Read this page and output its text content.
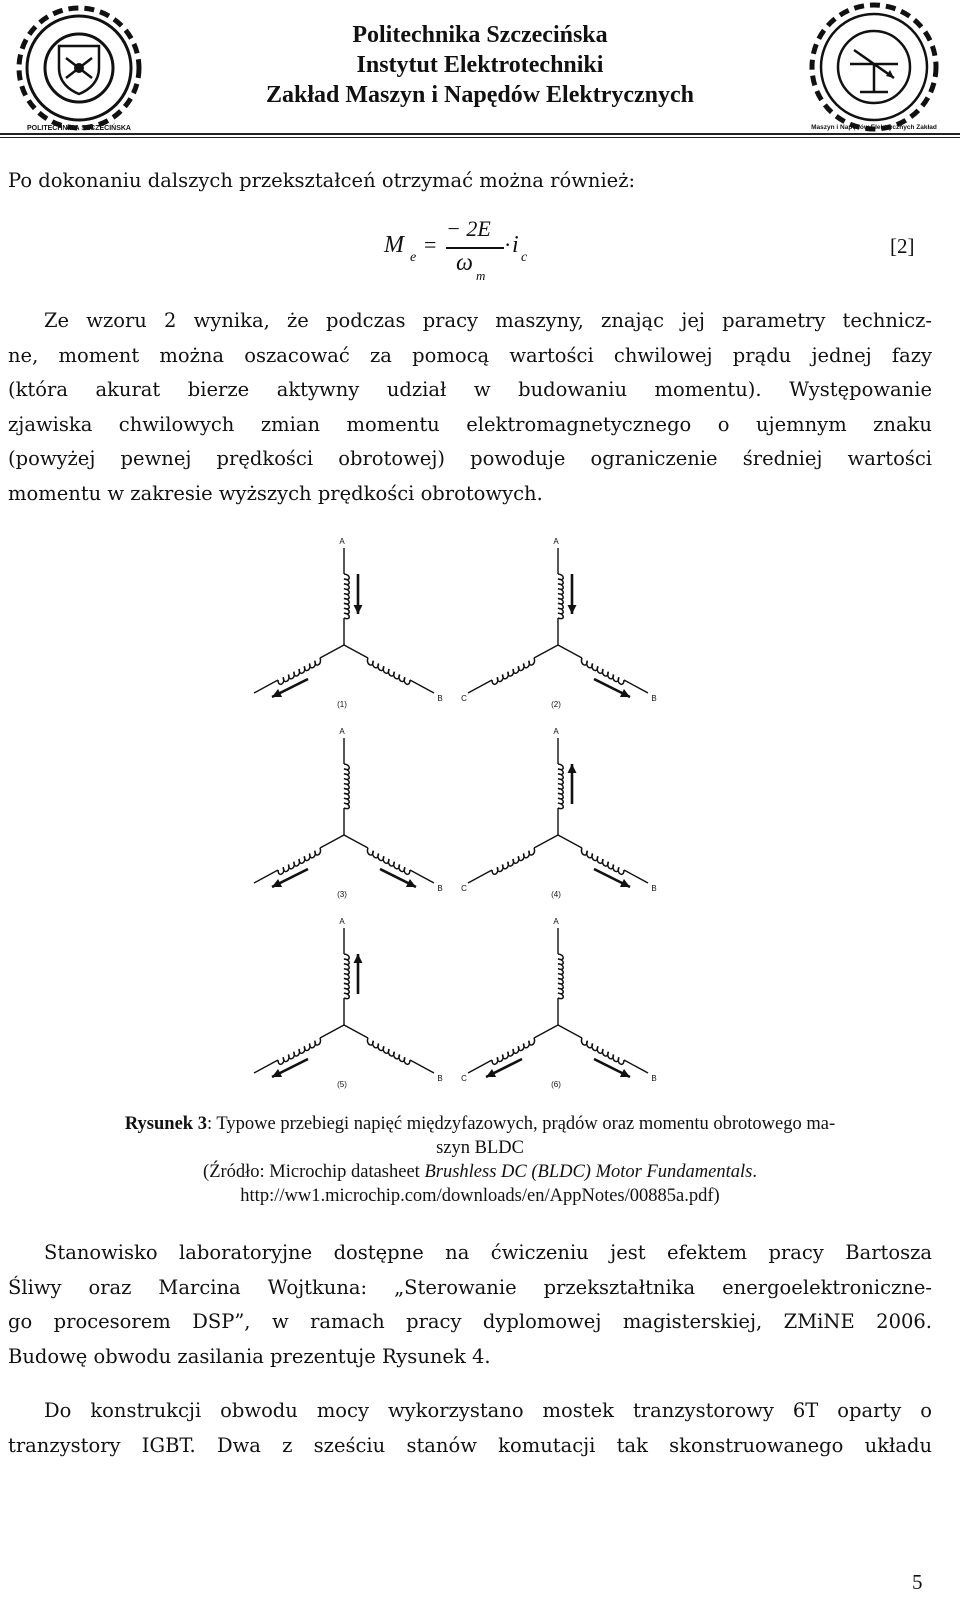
POLITECHNIKA SZCZECIŃSKA
Politechnika Szczecińska
Instytut Elektrotechniki
Zakład Maszyn i Napędów Elektrycznych
Maszyn i Napędów Elektrycznych Zakład
Po dokonaniu dalszych przekształceń otrzymać można również:
M e
=
− 2E
ω m
· i c	[2]

Ze wzoru 2 wynika, że podczas pracy maszyny, znając jej parametry technicz-

ne, moment można oszacować za pomocą wartości chwilowej prądu jednej fazy

(która akurat bierze aktywny udział w budowaniu momentu). Występowanie

zjawiska chwilowych zmian momentu elektromagnetycznego o ujemnym znaku

(powyżej pewnej prędkości obrotowej) powoduje ograniczenie średniej wartości

momentu w zakresie wyższych prędkości obrotowych.

A
B
(1)
A
C	B
(2)
A
B
(3)
A
C	B
(4)
A
B
(5)
A
C	B
(6)
Rysunek 3: Typowe przebiegi napięć międzyfazowych, prądów oraz momentu obrotowego ma-
szyn BLDC
(Źródło: Microchip datasheet Brushless DC (BLDC) Motor Fundamentals.
http://ww1.microchip.com/downloads/en/AppNotes/00885a.pdf)

Stanowisko laboratoryjne dostępne na ćwiczeniu jest efektem pracy Bartosza

Śliwy oraz Marcina Wojtkuna: „Sterowanie przekształtnika energoelektroniczne-

go procesorem DSP”, w ramach pracy dyplomowej magisterskiej, ZMiNE 2006.

Budowę obwodu zasilania prezentuje Rysunek 4.

Do konstrukcji obwodu mocy wykorzystano mostek tranzystorowy 6T oparty o

tranzystory IGBT. Dwa z sześciu stanów komutacji tak skonstruowanego układu

5
